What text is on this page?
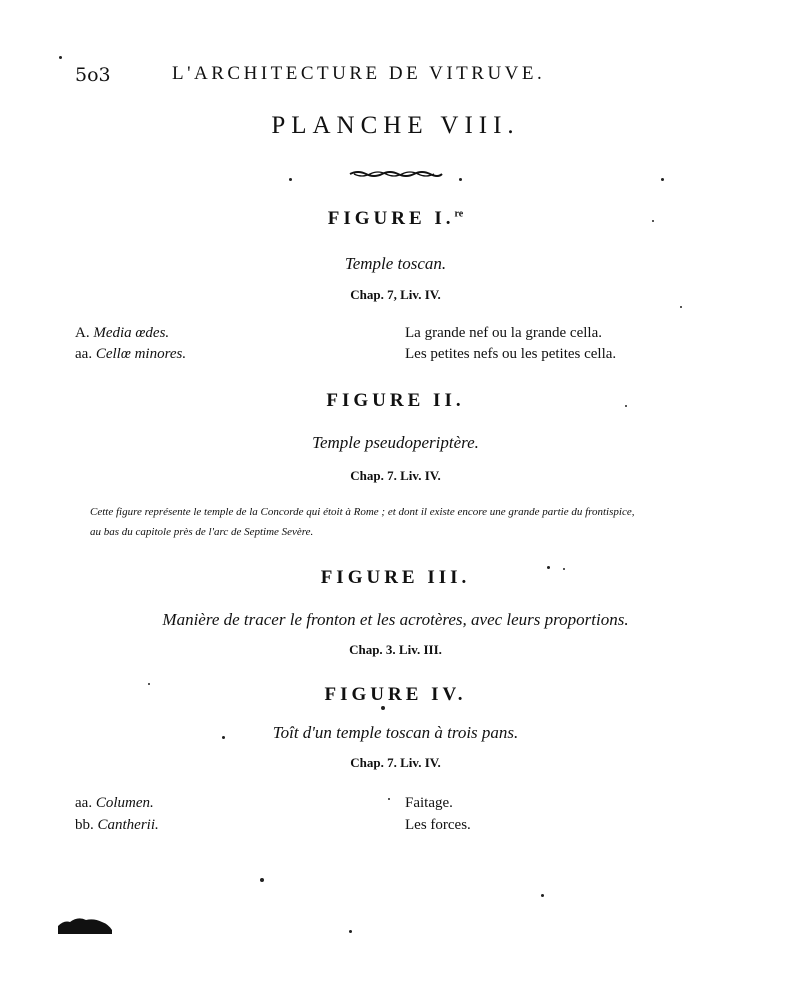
5o3	L'ARCHITECTURE DE VITRUVE.
PLANCHE VIII.
FIGURE I.$^{re}$
Temple toscan.
Chap. 7, Liv. IV.
A. Media œdes.	La grande nef ou la grande cella.
aa. Cellœ minores.	Les petites nefs ou les petites cella.
FIGURE II.
Temple pseudoperiptère.
Chap. 7. Liv. IV.
Cette figure représente le temple de la Concorde qui étoit à Rome ; et dont il existe encore une grande partie du frontispice,
au bas du capitole près de l'arc de Septime Sevère.
FIGURE III.
Manière de tracer le fronton et les acrotères, avec leurs proportions.
Chap. 3. Liv. III.
FIGURE IV.
Toît d'un temple toscan à trois pans.
Chap. 7. Liv. IV.
aa. Columen.	Faitage.
bb. Cantherii.	Les forces.
